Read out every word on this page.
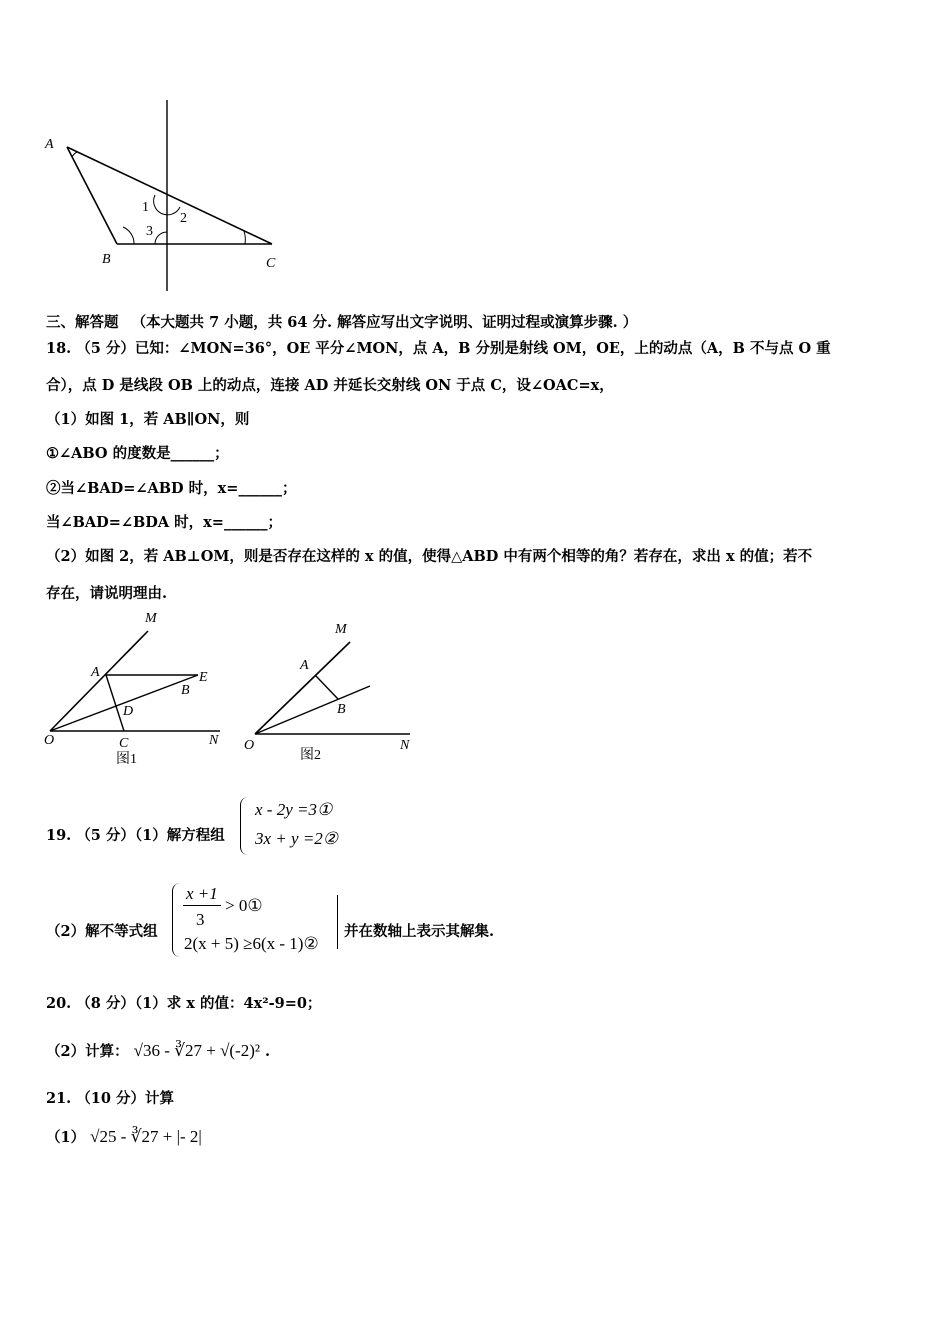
A
B	C
1
2
3
三、解答题 （本大题共 7 小题，共 64 分. 解答应写出文字说明、证明过程或演算步骤. ）
18. （5 分）已知：∠MON=36°，OE 平分∠MON，点 A，B 分别是射线 OM，OE，上的动点（A，B 不与点 O 重
合），点 D 是线段 OB 上的动点，连接 AD 并延长交射线 ON 于点 C，设∠OAC=x，
（1）如图 1，若 AB∥ON，则
①∠ABO 的度数是______；
②当∠BAD=∠ABD 时，x=______；
当∠BAD=∠BDA 时，x=______；
（2）如图 2，若 AB⊥OM，则是否存在这样的 x 的值，使得△ABD 中有两个相等的角？若存在，求出 x 的值；若不
存在，请说明理由.
M
A	E
B
D
O	C	N
图1
M
A
B
O	N
图2
19. （5 分）（1）解方程组
x - 2y =3①
3x + y =2②
（2）解不等式组
x +1
3
> 0①
2(x + 5) ≥6(x - 1)②
并在数轴上表示其解集.
20. （8 分）（1）求 x 的值：4x²-9=0；
（2）计算： √36 - ∛27 + √(-2)² .
21. （10 分）计算
（1） √25 - ∛27 + |- 2|
